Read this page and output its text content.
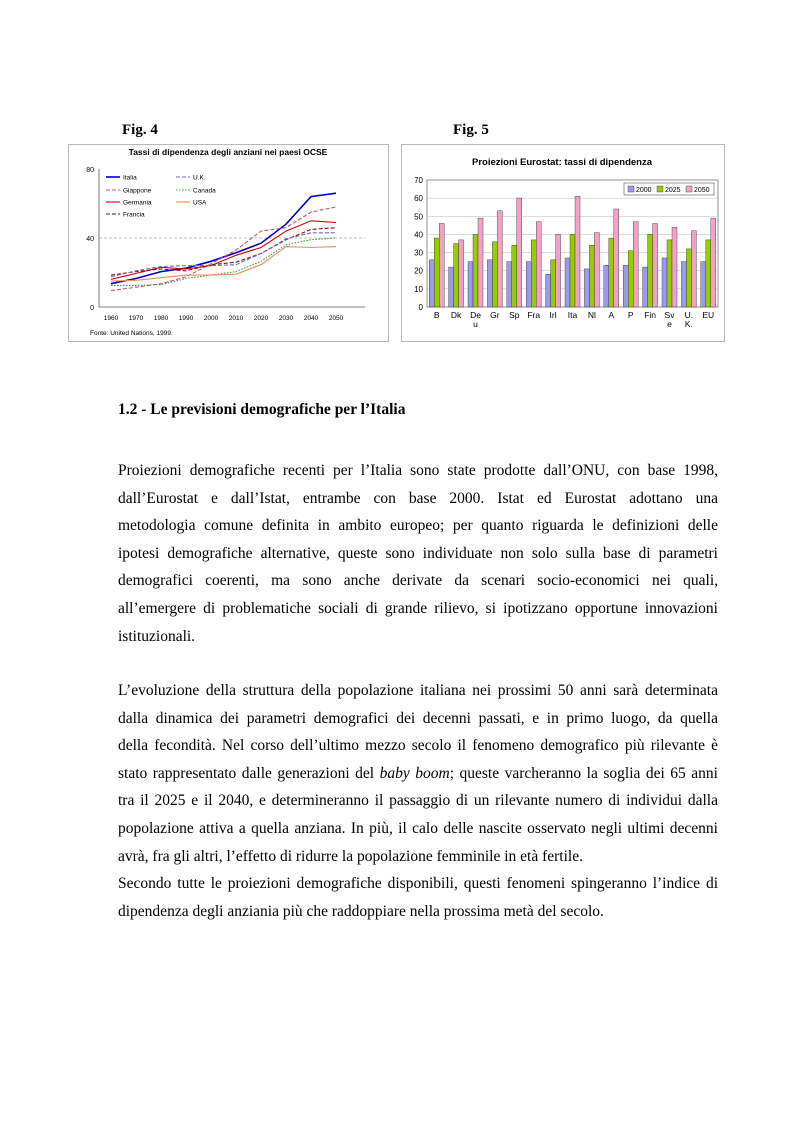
Fig. 4	Fig. 5
Tassi di dipendenza degli anziani nei paesi OCSE
0
40
80
1960 1970 1980 1990 2000 2010 2020 2030 2040 2050
Italia
Giappone
Germania
Francia
U.K.
Canada
USA
Fonte: United Nations, 1999.
Proiezioni Eurostat: tassi di dipendenza
0
10
20
30
40
50
60
70
B Dk De
u
Gr Sp Fra Irl Ita Nl A P Fin Sv
e
U.
K.
EU
2000 2025 2050
1.2 - Le previsioni demografiche per l’Italia

Proiezioni demografiche recenti per l’Italia sono state prodotte dall’ONU, con base 1998,
dall’Eurostat e dall’Istat, entrambe con base 2000. Istat ed Eurostat adottano una
metodologia comune definita in ambito europeo; per quanto riguarda le definizioni delle
ipotesi demografiche alternative, queste sono individuate non solo sulla base di parametri
demografici coerenti, ma sono anche derivate da scenari socio-economici nei quali,
all’emergere di problematiche sociali di grande rilievo, si ipotizzano opportune innovazioni
istituzionali.

L’evoluzione della struttura della popolazione italiana nei prossimi 50 anni sarà determinata
dalla dinamica dei parametri demografici dei decenni passati, e in primo luogo, da quella
della fecondità. Nel corso dell’ultimo mezzo secolo il fenomeno demografico più rilevante è
stato rappresentato dalle generazioni del baby boom; queste varcheranno la soglia dei 65 anni
tra il 2025 e il 2040, e determineranno il passaggio di un rilevante numero di individui dalla
popolazione attiva a quella anziana. In più, il calo delle nascite osservato negli ultimi decenni
avrà, fra gli altri, l’effetto di ridurre la popolazione femminile in età fertile.
Secondo tutte le proiezioni demografiche disponibili, questi fenomeni spingeranno l’indice di
dipendenza degli anziania più che raddoppiare nella prossima metà del secolo.
